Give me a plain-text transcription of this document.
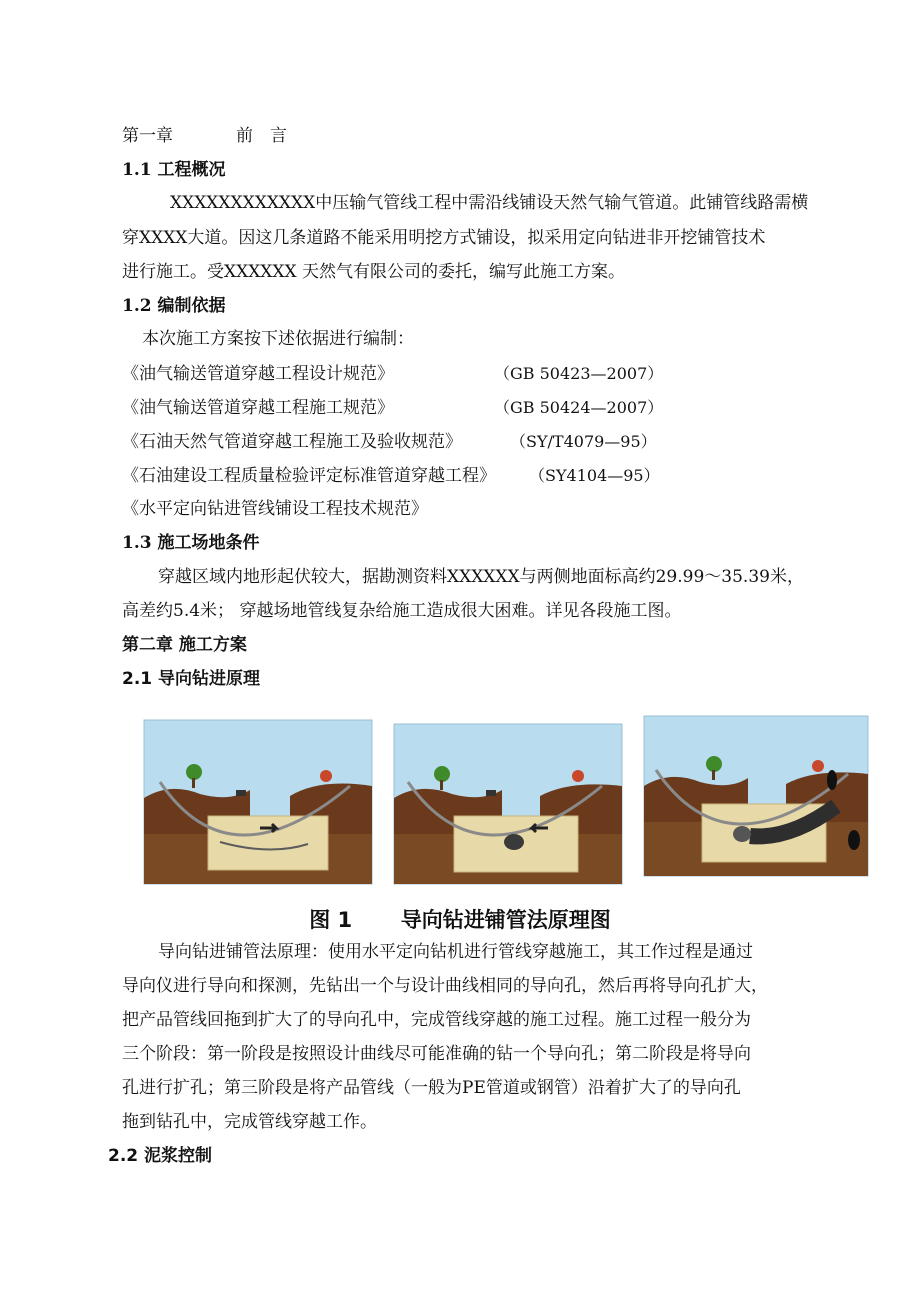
第一章	前　言
1.1 工程概况
XXXXXXXXXXXX中压输气管线工程中需沿线铺设天然气输气管道。此铺管线路需横
穿XXXX大道。因这几条道路不能采用明挖方式铺设，拟采用定向钻进非开挖铺管技术
进行施工。受XXXXXX 天然气有限公司的委托，编写此施工方案。
1.2 编制依据
本次施工方案按下述依据进行编制：
《油气输送管道穿越工程设计规范》	（GB 50423—2007）
《油气输送管道穿越工程施工规范》	（GB 50424—2007）
《石油天然气管道穿越工程施工及验收规范》	（SY/T4079—95）
《石油建设工程质量检验评定标准管道穿越工程》 （SY4104—95）
《水平定向钻进管线铺设工程技术规范》
1.3 施工场地条件
穿越区域内地形起伏较大，据勘测资料XXXXXX与两侧地面标高约29.99～35.39米，
高差约5.4米； 穿越场地管线复杂给施工造成很大困难。详见各段施工图。
第二章 施工方案
2.1 导向钻进原理
图 1 导向钻进铺管法原理图
导向钻进铺管法原理：使用水平定向钻机进行管线穿越施工，其工作过程是通过
导向仪进行导向和探测，先钻出一个与设计曲线相同的导向孔，然后再将导向孔扩大，
把产品管线回拖到扩大了的导向孔中，完成管线穿越的施工过程。施工过程一般分为
三个阶段：第一阶段是按照设计曲线尽可能准确的钻一个导向孔；第二阶段是将导向
孔进行扩孔；第三阶段是将产品管线（一般为PE管道或钢管）沿着扩大了的导向孔
拖到钻孔中，完成管线穿越工作。
2.2 泥浆控制
